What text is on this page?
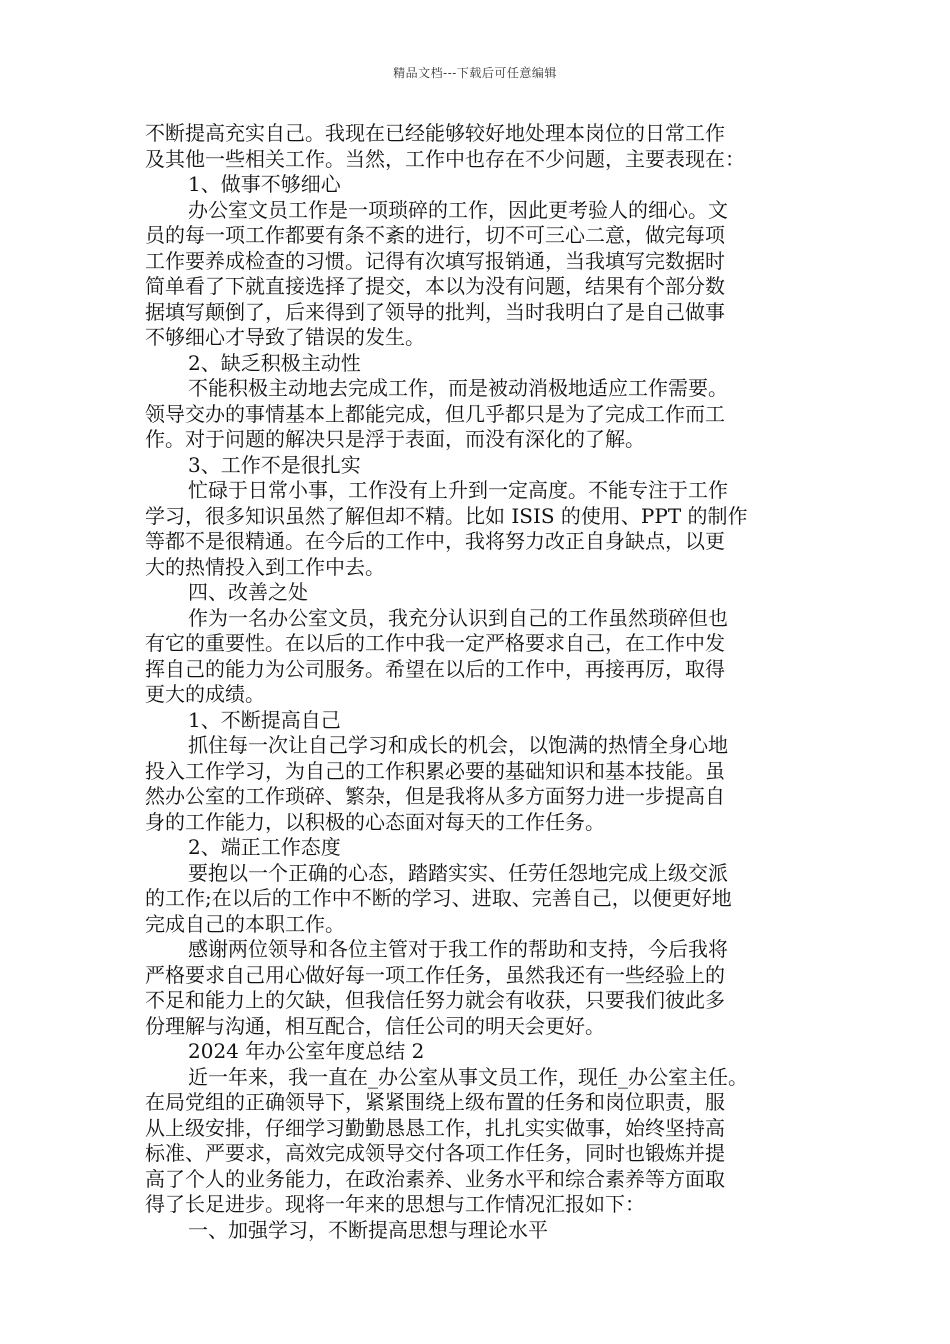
精品文档---下载后可任意编辑
不断提高充实自己。我现在已经能够较好地处理本岗位的日常工作
及其他一些相关工作。当然，工作中也存在不少问题，主要表现在：
1、做事不够细心
办公室文员工作是一项琐碎的工作，因此更考验人的细心。文
员的每一项工作都要有条不紊的进行，切不可三心二意，做完每项
工作要养成检查的习惯。记得有次填写报销通，当我填写完数据时
简单看了下就直接选择了提交，本以为没有问题，结果有个部分数
据填写颠倒了，后来得到了领导的批判，当时我明白了是自己做事
不够细心才导致了错误的发生。
2、缺乏积极主动性
不能积极主动地去完成工作，而是被动消极地适应工作需要。
领导交办的事情基本上都能完成，但几乎都只是为了完成工作而工
作。对于问题的解决只是浮于表面，而没有深化的了解。
3、工作不是很扎实
忙碌于日常小事，工作没有上升到一定高度。不能专注于工作
学习，很多知识虽然了解但却不精。比如 ISIS 的使用、PPT 的制作
等都不是很精通。在今后的工作中，我将努力改正自身缺点，以更
大的热情投入到工作中去。
四、改善之处
作为一名办公室文员，我充分认识到自己的工作虽然琐碎但也
有它的重要性。在以后的工作中我一定严格要求自己，在工作中发
挥自己的能力为公司服务。希望在以后的工作中，再接再厉，取得
更大的成绩。
1、不断提高自己
抓住每一次让自己学习和成长的机会，以饱满的热情全身心地
投入工作学习，为自己的工作积累必要的基础知识和基本技能。虽
然办公室的工作琐碎、繁杂，但是我将从多方面努力进一步提高自
身的工作能力，以积极的心态面对每天的工作任务。
2、端正工作态度
要抱以一个正确的心态，踏踏实实、任劳任怨地完成上级交派
的工作;在以后的工作中不断的学习、进取、完善自己，以便更好地
完成自己的本职工作。
感谢两位领导和各位主管对于我工作的帮助和支持，今后我将
严格要求自己用心做好每一项工作任务，虽然我还有一些经验上的
不足和能力上的欠缺，但我信任努力就会有收获，只要我们彼此多
份理解与沟通，相互配合，信任公司的明天会更好。
2024 年办公室年度总结 2
近一年来，我一直在_办公室从事文员工作，现任_办公室主任。
在局党组的正确领导下，紧紧围绕上级布置的任务和岗位职责，服
从上级安排，仔细学习勤勤恳恳工作，扎扎实实做事，始终坚持高
标准、严要求，高效完成领导交付各项工作任务，同时也锻炼并提
高了个人的业务能力，在政治素养、业务水平和综合素养等方面取
得了长足进步。现将一年来的思想与工作情况汇报如下：
一、加强学习，不断提高思想与理论水平
